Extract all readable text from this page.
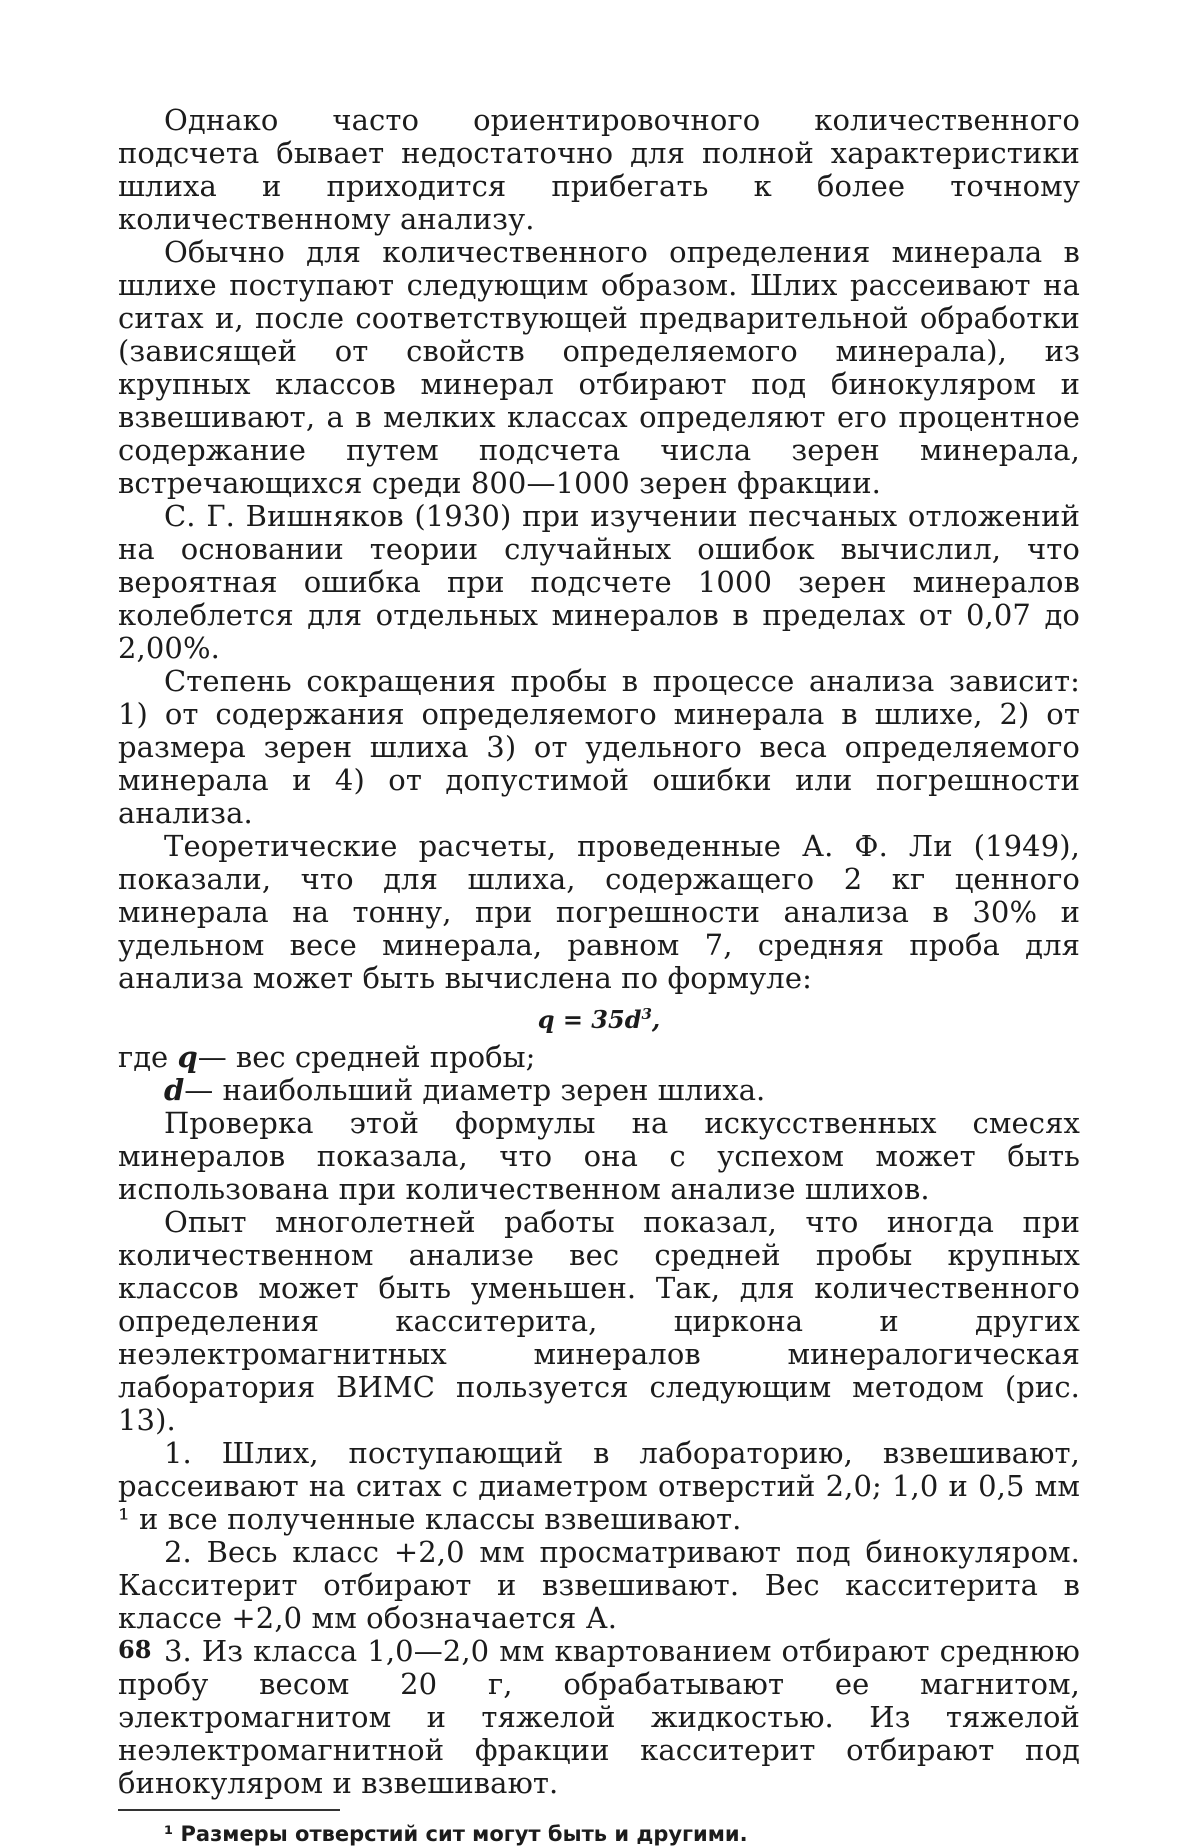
Однако часто ориентировочного количественного подсчета бывает недостаточно для полной характеристики шлиха и приходится прибегать к более точному количественному анализу.

Обычно для количественного определения минерала в шлихе поступают следующим образом. Шлих рассеивают на ситах и, после соответствующей предварительной обработки (зависящей от свойств определяемого минерала), из крупных классов минерал отбирают под бинокуляром и взвешивают, а в мелких классах определяют его процентное содержание путем подсчета числа зерен минерала, встречающихся среди 800—1000 зерен фракции.

С. Г. Вишняков (1930) при изучении песчаных отложений на основании теории случайных ошибок вычислил, что вероятная ошибка при подсчете 1000 зерен минералов колеблется для отдельных минералов в пределах от 0,07 до 2,00%.

Степень сокращения пробы в процессе анализа зависит: 1) от содержания определяемого минерала в шлихе, 2) от размера зерен шлиха 3) от удельного веса определяемого минерала и 4) от допустимой ошибки или погрешности анализа.

Теоретические расчеты, проведенные А. Ф. Ли (1949), показали, что для шлиха, содержащего 2 кг ценного минерала на тонну, при погрешности анализа в 30% и удельном весе минерала, равном 7, средняя проба для анализа может быть вычислена по формуле:

$q = 35d^3$,
где q— вес средней пробы;
d— наибольший диаметр зерен шлиха.

Проверка этой формулы на искусственных смесях минералов показала, что она с успехом может быть использована при количественном анализе шлихов.

Опыт многолетней работы показал, что иногда при количественном анализе вес средней пробы крупных классов может быть уменьшен. Так, для количественного определения касситерита, циркона и других неэлектромагнитных минералов минералогическая лаборатория ВИМС пользуется следующим методом (рис. 13).

1. Шлих, поступающий в лабораторию, взвешивают, рассеивают на ситах с диаметром отверстий 2,0; 1,0 и 0,5 мм ¹ и все полученные классы взвешивают.

2. Весь класс +2,0 мм просматривают под бинокуляром. Касситерит отбирают и взвешивают. Вес касситерита в классе +2,0 мм обозначается А.

3. Из класса 1,0—2,0 мм квартованием отбирают среднюю пробу весом 20 г, обрабатывают ее магнитом, электромагнитом и тяжелой жидкостью. Из тяжелой неэлектромагнитной фракции касситерит отбирают под бинокуляром и взвешивают.

¹ Размеры отверстий сит могут быть и другими.

68
